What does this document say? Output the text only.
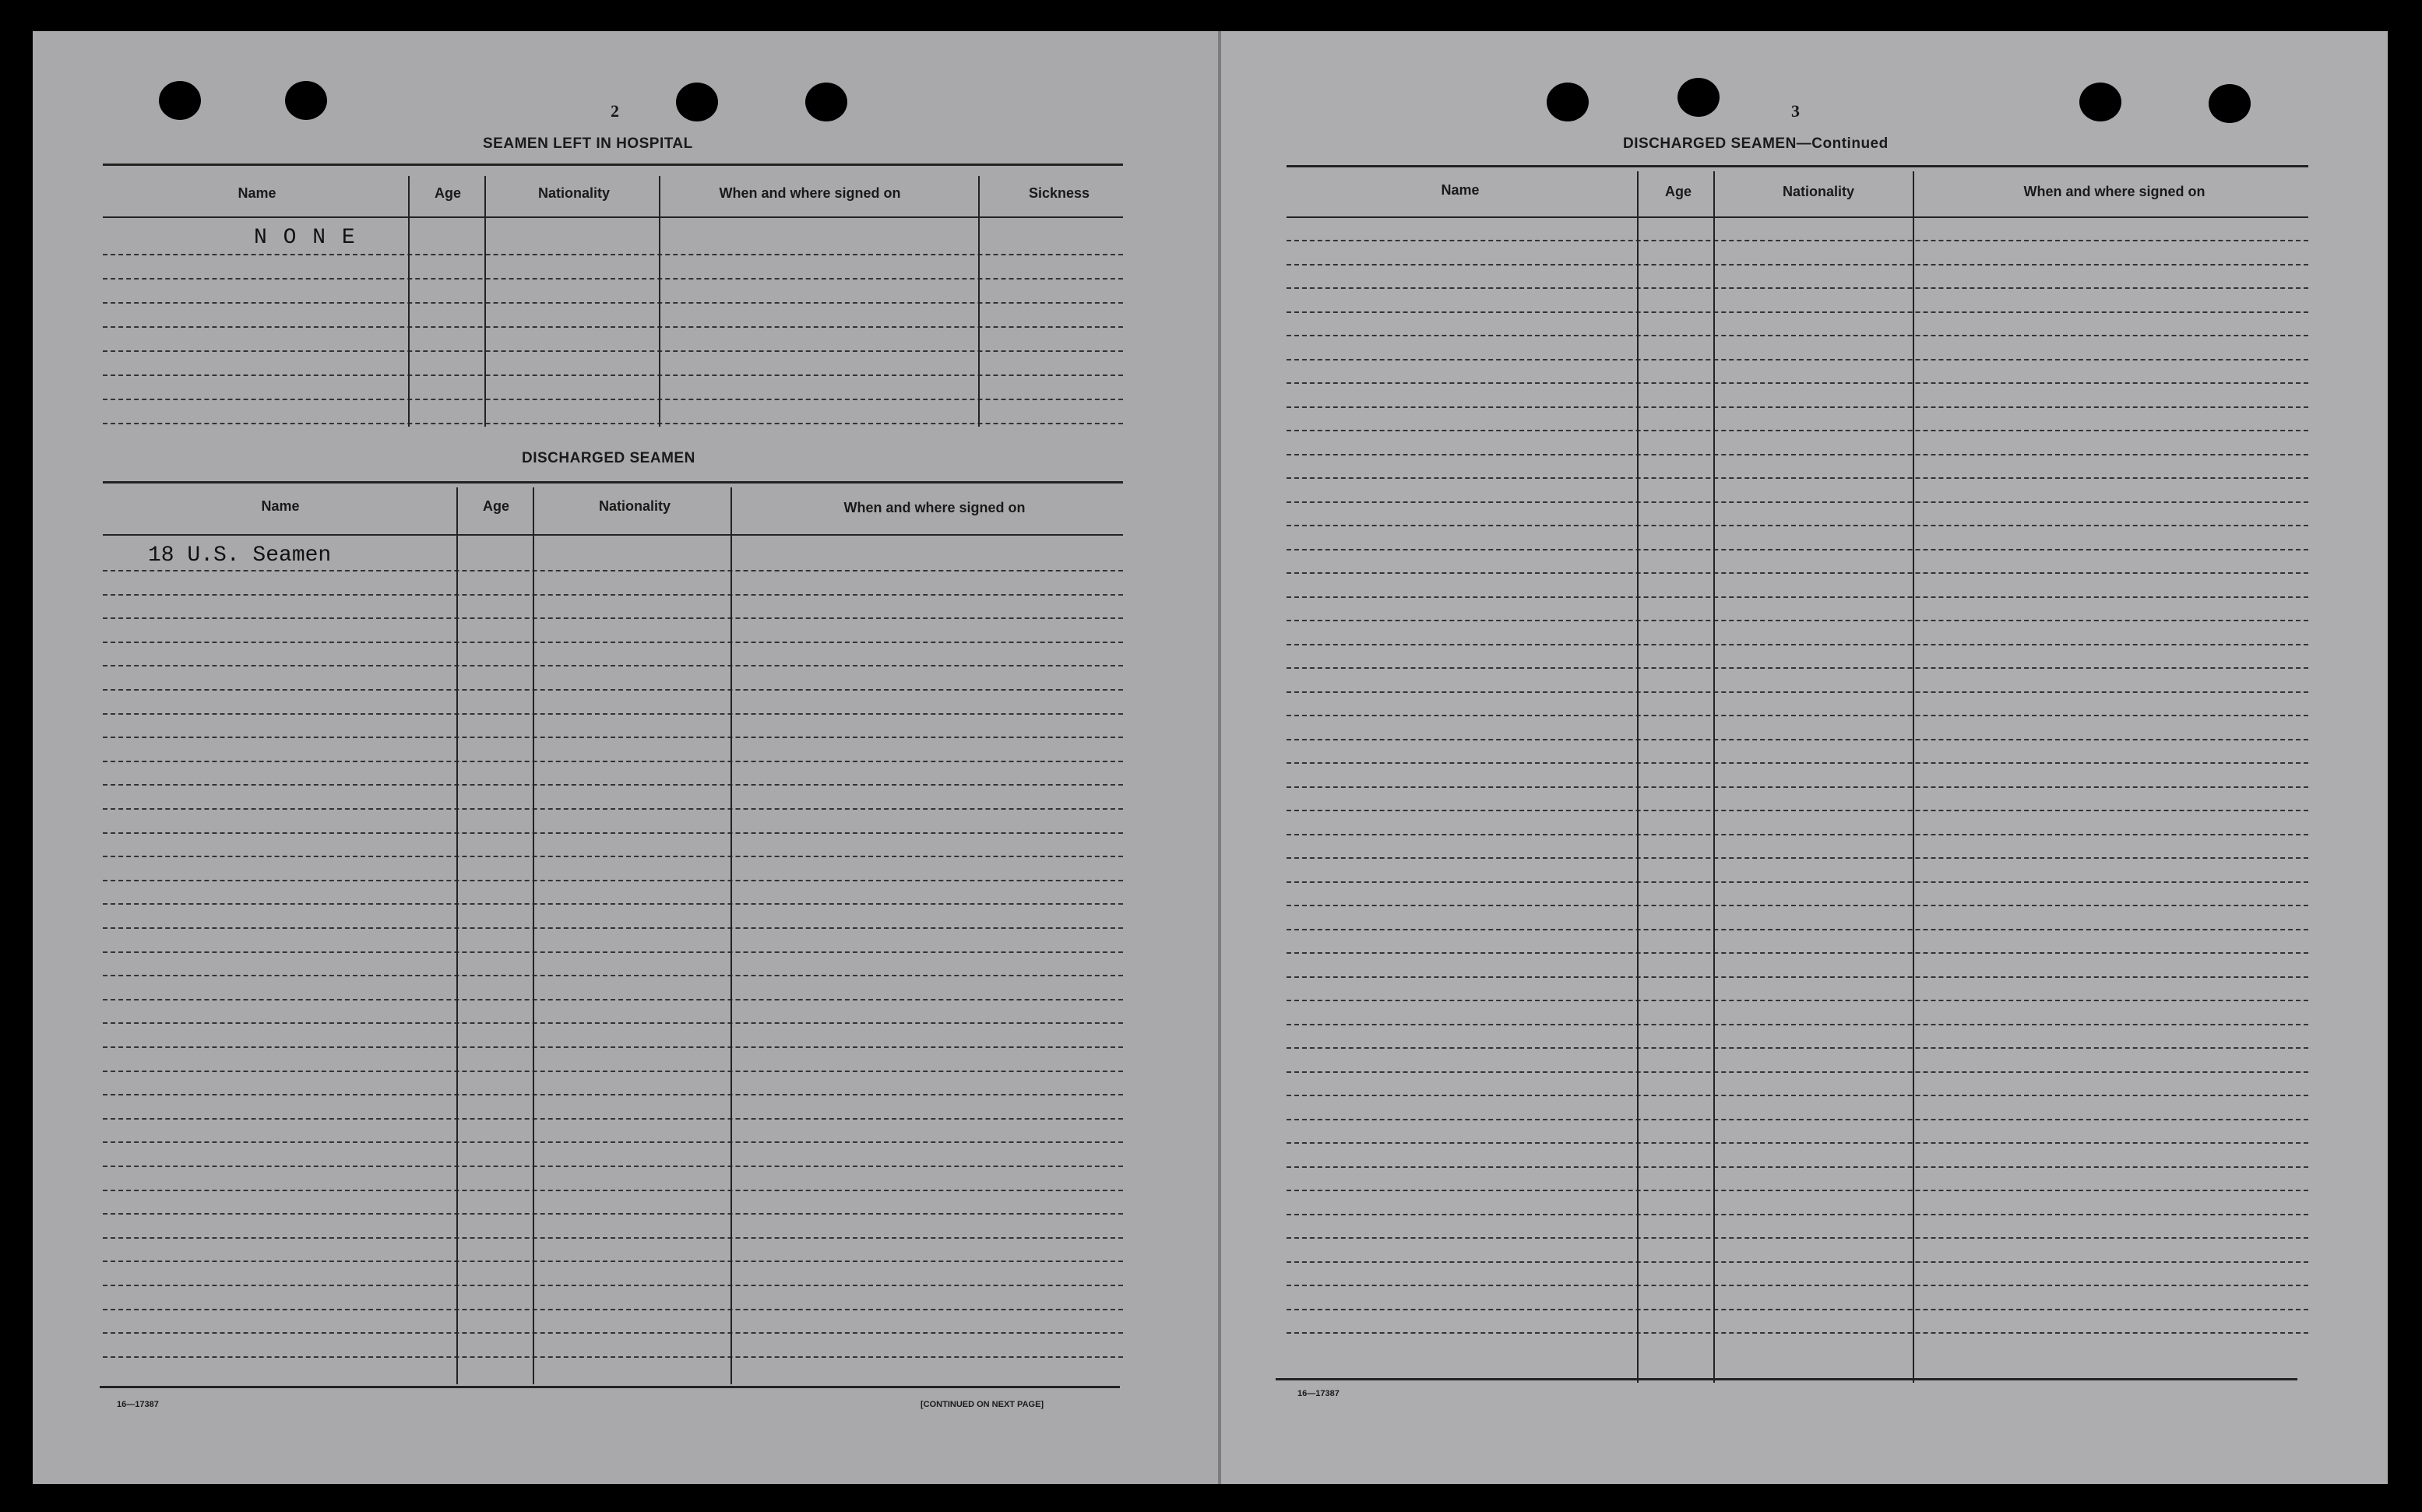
2
SEAMEN LEFT IN HOSPITAL
Name	Age	Nationality	When and where signed on	Sickness
N O N E
DISCHARGED SEAMEN
Name	Age	Nationality	When and where signed on
18 U.S. Seamen
16—17387	[CONTINUED ON NEXT PAGE]
3
DISCHARGED SEAMEN—Continued
Name	Age	Nationality	When and where signed on
16—17387
